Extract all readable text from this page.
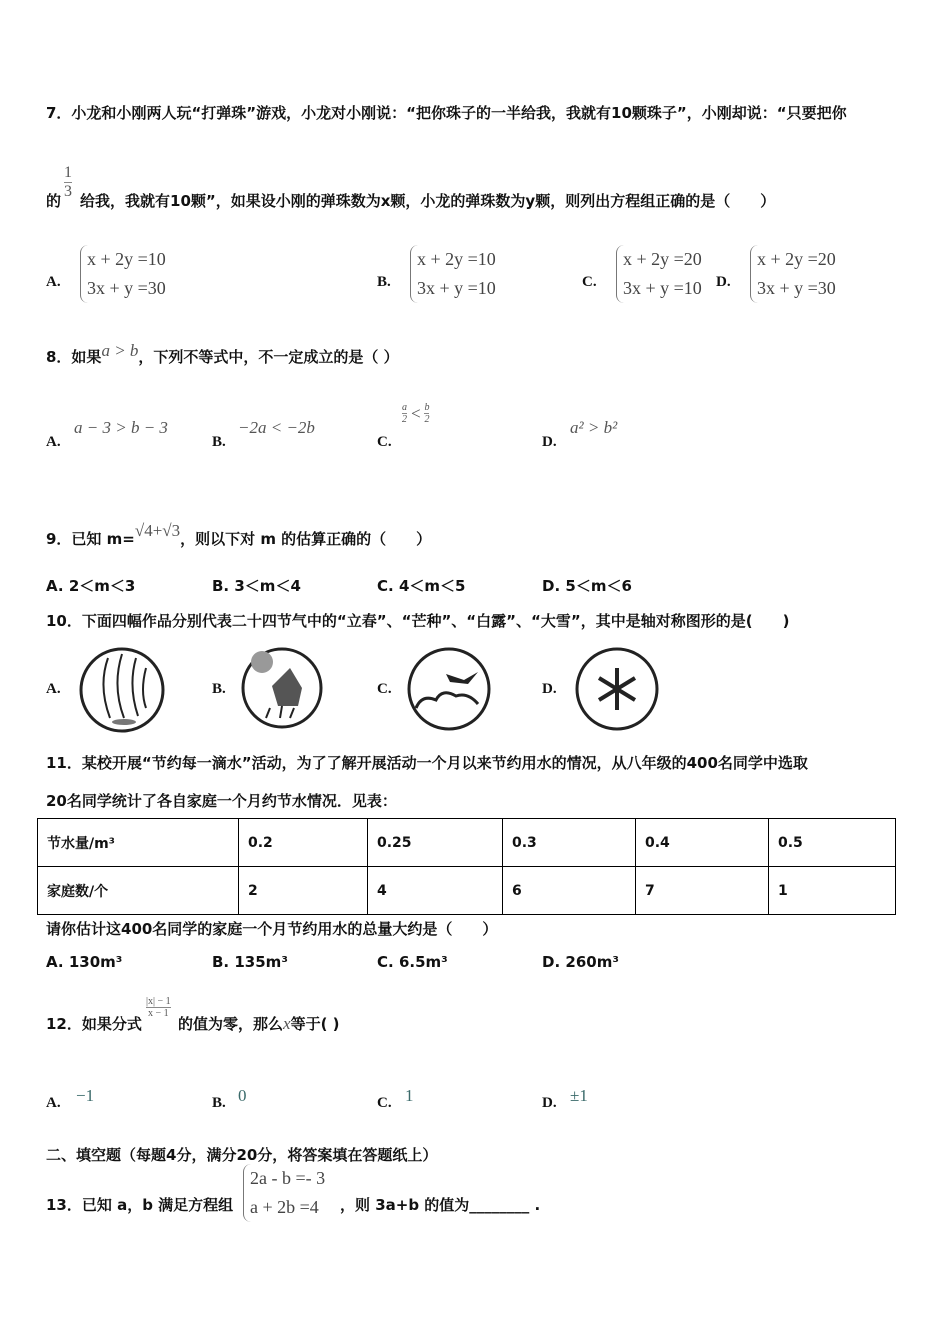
7．小龙和小刚两人玩“打弹珠”游戏，小龙对小刚说：“把你珠子的一半给我，我就有10颗珠子”，小刚却说：“只要把你
的 $\frac{1}{3}$ 给我，我就有10颗”，如果设小刚的弹珠数为x颗，小龙的弹珠数为y颗，则列出方程组正确的是（　　）
A.
x + 2y =10
3x + y =30	B.
x + 2y =10
3x + y =10	C.
x + 2y =20
3x + y =10 D.
x + 2y =20
3x + y =30
8．如果a > b，下列不等式中，不一定成立的是（ ）
A.
a − 3 > b − 3
B.
−2a < −2b
C.
$\frac{a}{2} < \frac{b}{2}$
D.
a² > b²
9．已知 m=√4+√3，则以下对 m 的估算正确的（　　）
A. 2＜m＜3	B. 3＜m＜4	C. 4＜m＜5	D. 5＜m＜6
10．下面四幅作品分别代表二十四节气中的“立春”、“芒种”、“白露”、“大雪”，其中是轴对称图形的是(　　)
A.	B.	C.	D.
11．某校开展“节约每一滴水”活动，为了了解开展活动一个月以来节约用水的情况，从八年级的400名同学中选取
20名同学统计了各自家庭一个月约节水情况．见表：
节水量/m³	0.2	0.25	0.3	0.4	0.5
家庭数/个	2	4	6	7	1
请你估计这400名同学的家庭一个月节约用水的总量大约是（　　）
A. 130m³	B. 135m³	C. 6.5m³	D. 260m³
12．如果分式
$\frac{|x| - 1}{x - 1}$
的值为零，那么x等于( )
A. −1	B. 0	C. 1	D. ±1
二、填空题（每题4分，满分20分，将答案填在答题纸上）
13．已知 a，b 满足方程组
2a - b =- 3
a + 2b =4	，则 3a+b 的值为________ .
